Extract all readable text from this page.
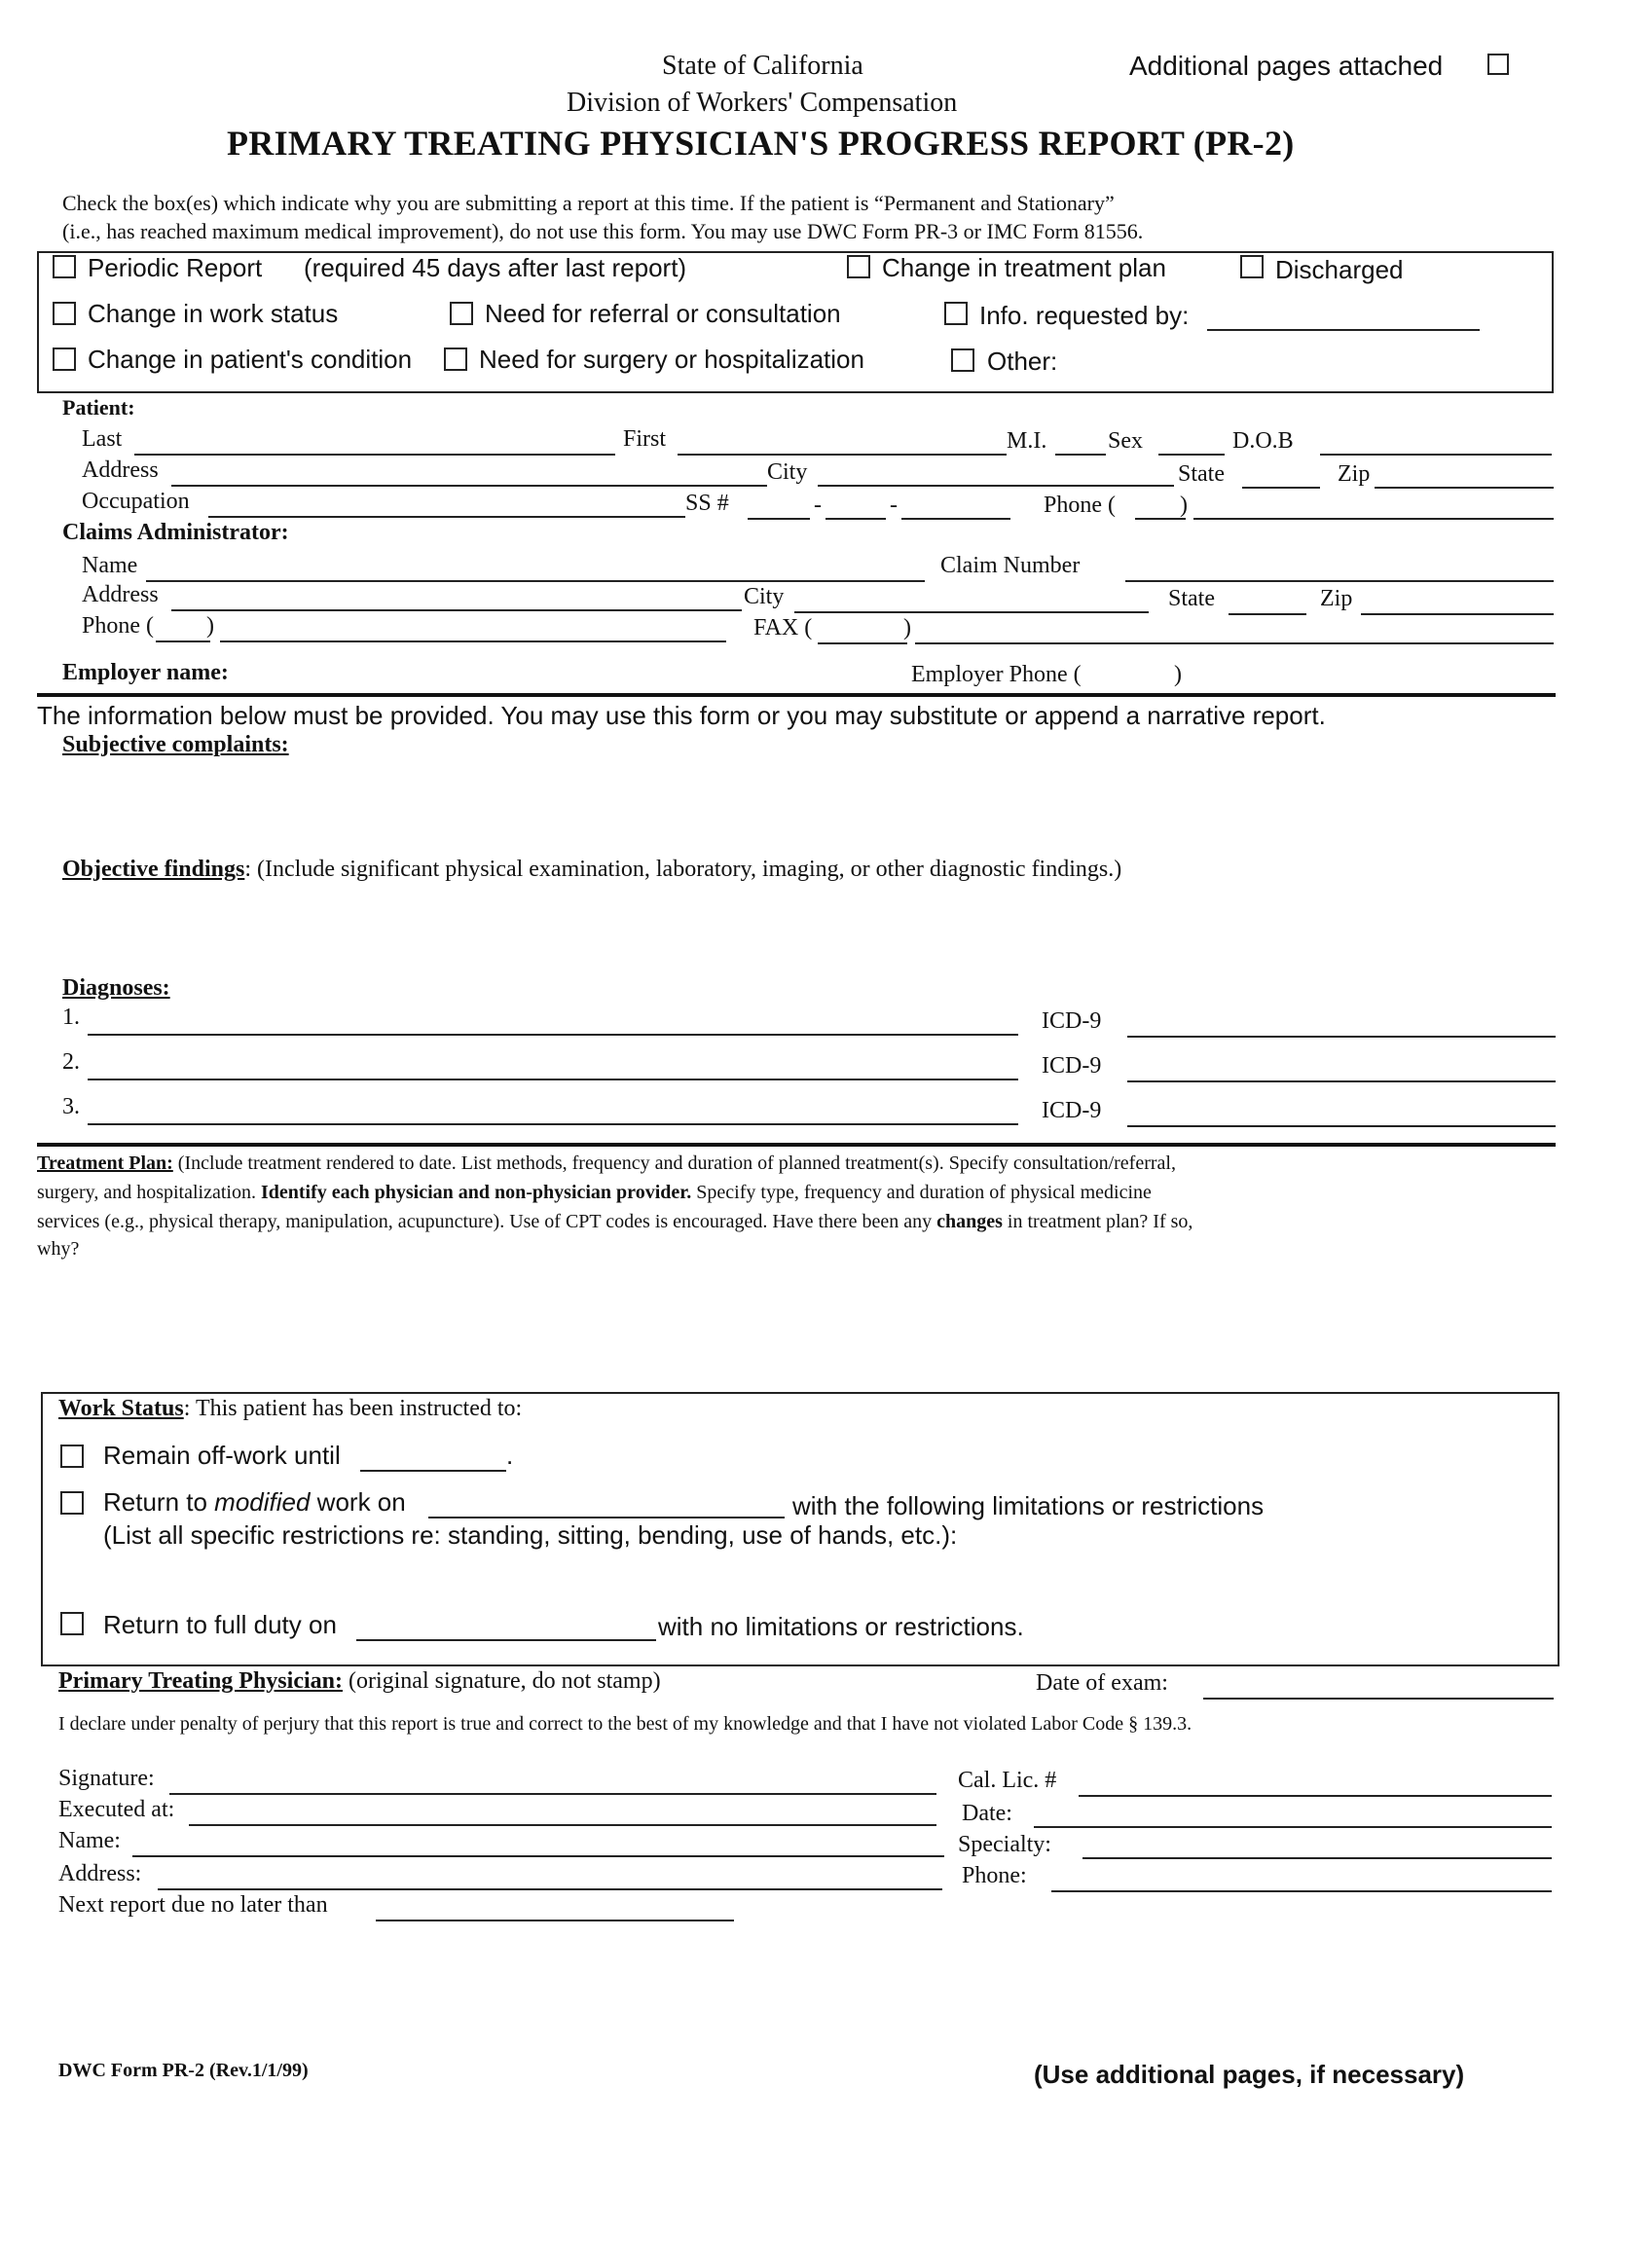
State of California
Division of Workers' Compensation
PRIMARY TREATING PHYSICIAN'S PROGRESS REPORT (PR-2)
Additional pages attached
Check the box(es) which indicate why you are submitting a report at this time. If the patient is “Permanent and Stationary”
(i.e., has reached maximum medical improvement), do not use this form. You may use DWC Form PR-3 or IMC Form 81556.
Periodic Report (required 45 days after last report)	Change in treatment plan	Discharged
Change in work status	Need for referral or consultation	Info. requested by:
Change in patient's condition	Need for surgery or hospitalization	Other:
Patient:
Last	First	M.I.	Sex	D.O.B
Address	City	State	Zip
Occupation	SS #	-	-	Phone (	)
Claims Administrator:
Name	Claim Number
Address	City	State	Zip
Phone ( )	FAX (	)
Employer name:	Employer Phone (	)
The information below must be provided. You may use this form or you may substitute or append a narrative report.
Subjective complaints:
Objective findings: (Include significant physical examination, laboratory, imaging, or other diagnostic findings.)
Diagnoses:
1.	ICD-9
2.	ICD-9
3.	ICD-9
Treatment Plan: (Include treatment rendered to date. List methods, frequency and duration of planned treatment(s). Specify consultation/referral,
surgery, and hospitalization. Identify each physician and non-physician provider. Specify type, frequency and duration of physical medicine
services (e.g., physical therapy, manipulation, acupuncture). Use of CPT codes is encouraged. Have there been any changes in treatment plan? If so,
why?
Work Status: This patient has been instructed to:
Remain off-work until	.
Return to modified work on	with the following limitations or restrictions
(List all specific restrictions re: standing, sitting, bending, use of hands, etc.):
Return to full duty on	with no limitations or restrictions.
Primary Treating Physician: (original signature, do not stamp)	Date of exam:
I declare under penalty of perjury that this report is true and correct to the best of my knowledge and that I have not violated Labor Code § 139.3.
Signature:	Cal. Lic. #
Executed at:	Date:
Name:	Specialty:
Address:	Phone:
Next report due no later than
DWC Form PR-2 (Rev.1/1/99)	(Use additional pages, if necessary)
